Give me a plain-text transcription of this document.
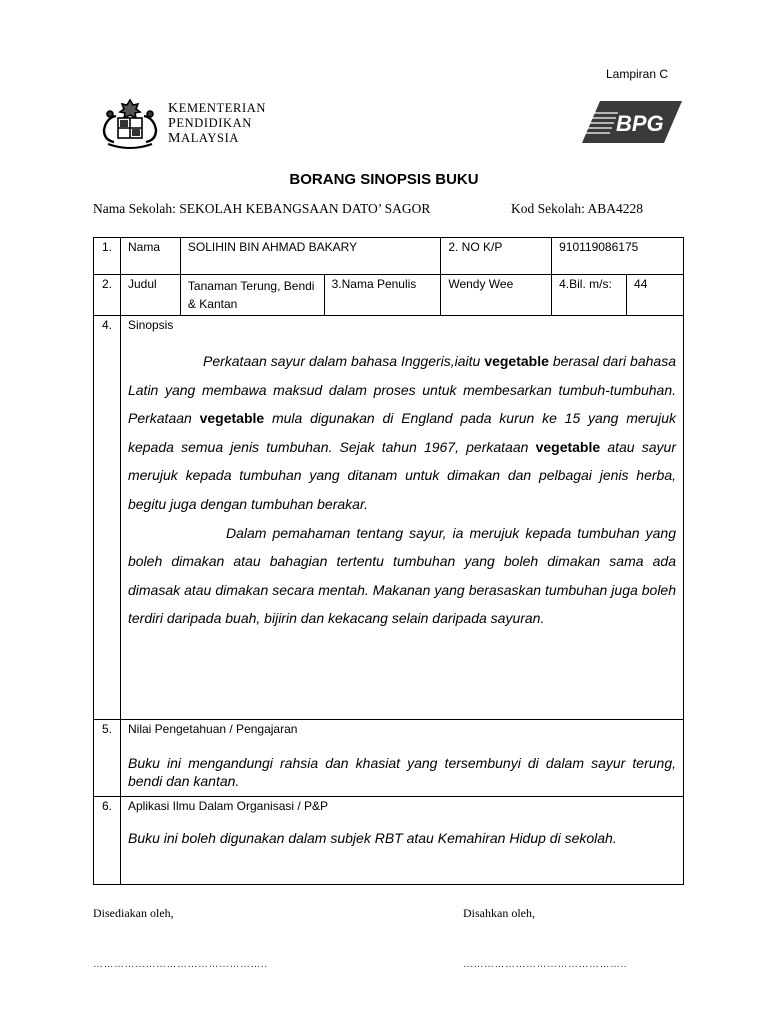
Lampiran C
KEMENTERIAN
PENDIDIKAN
MALAYSIA
BPG
BORANG SINOPSIS BUKU
Nama Sekolah: SEKOLAH KEBANGSAAN DATO’ SAGOR	Kod Sekolah: ABA4228
1.	Nama	SOLIHIN BIN AHMAD BAKARY		2. NO K/P	910119086175	
2.	Judul	Tanaman Terung, Bendi & Kantan	3.Nama Penulis	Wendy Wee	4.Bil. m/s:	44
4.	Sinopsis

Perkataan sayur dalam bahasa Inggeris,iaitu vegetable berasal dari bahasa Latin yang membawa maksud dalam proses untuk membesarkan tumbuh-tumbuhan. Perkataan vegetable mula digunakan di England pada kurun ke 15 yang merujuk kepada semua jenis tumbuhan. Sejak tahun 1967, perkataan vegetable atau sayur merujuk kepada tumbuhan yang ditanam untuk dimakan dan pelbagai jenis herba, begitu juga dengan tumbuhan berakar.

Dalam pemahaman tentang sayur, ia merujuk kepada tumbuhan yang boleh dimakan atau bahagian tertentu tumbuhan yang boleh dimakan sama ada dimasak atau dimakan secara mentah. Makanan yang berasaskan tumbuhan juga boleh terdiri daripada buah, bijirin dan kekacang selain daripada sayuran.					

5.	Nilai Pengetahuan / Pengajaran

Buku ini mengandungi rahsia dan khasiat yang tersembunyi di dalam sayur terung, bendi dan kantan.					

6.	Aplikasi Ilmu Dalam Organisasi / P&P

Buku ini boleh digunakan dalam subjek RBT atau Kemahiran Hidup di sekolah.					

Disediakan oleh,	Disahkan oleh,
…………………………………………..	………………………………………..
